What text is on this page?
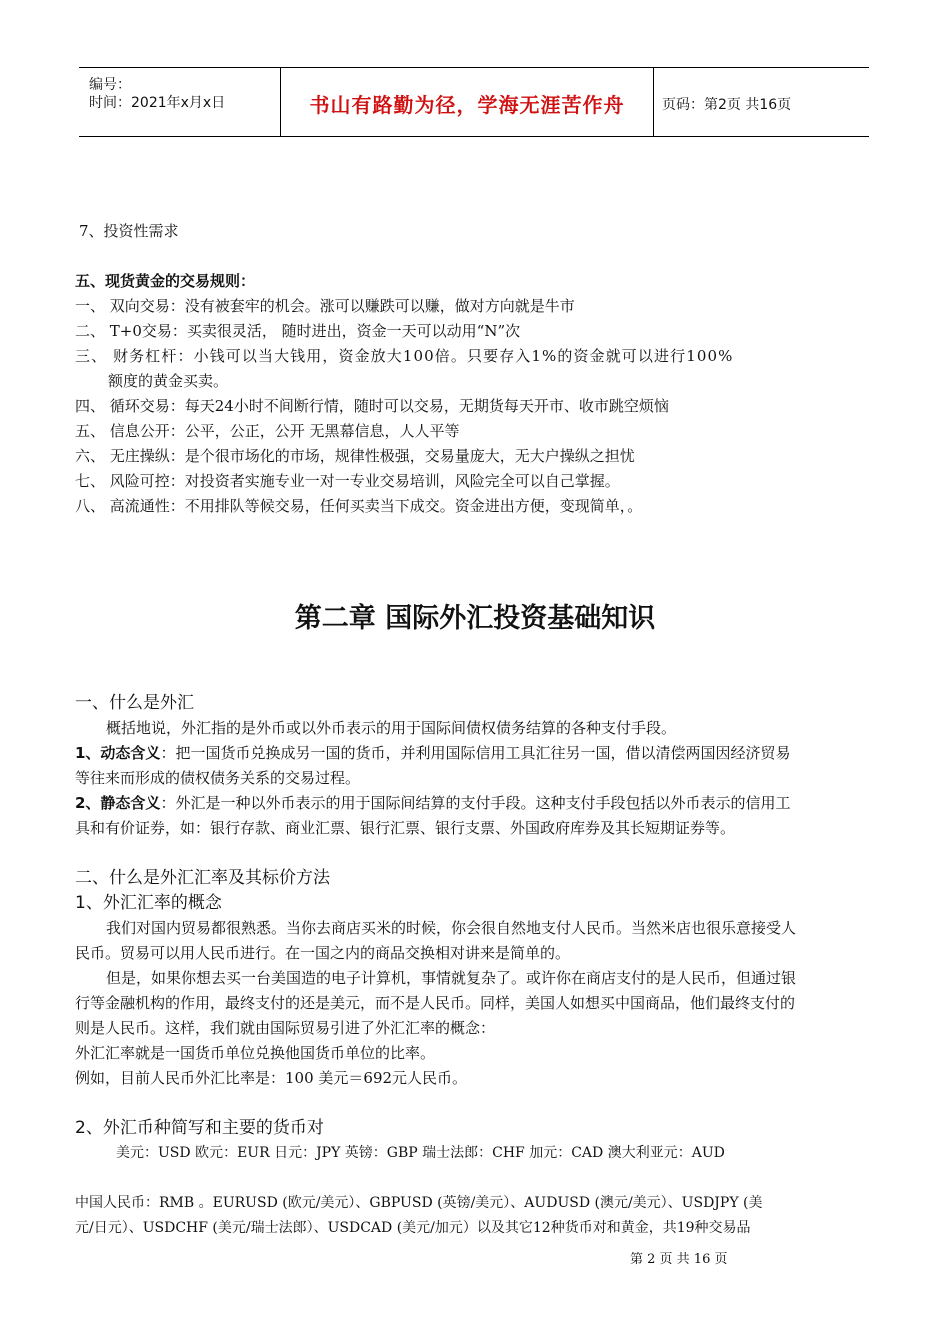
编号：
时间：2021年x月x日	书山有路勤为径，学海无涯苦作舟	页码：第2页 共16页
7、投资性需求
五、现货黄金的交易规则：
一、 双向交易：没有被套牢的机会。涨可以赚跌可以赚，做对方向就是牛市
二、 T+0交易：买卖很灵活， 随时进出，资金一天可以动用“N”次
三、 财务杠杆：小钱可以当大钱用，资金放大100倍。只要存入1%的资金就可以进行100%
额度的黄金买卖。
四、 循环交易：每天24小时不间断行情，随时可以交易，无期货每天开市、收市跳空烦恼
五、 信息公开：公平，公正，公开 无黑幕信息，人人平等
六、 无庄操纵：是个很市场化的市场，规律性极强，交易量庞大，无大户操纵之担忧
七、 风险可控：对投资者实施专业一对一专业交易培训，风险完全可以自己掌握。
八、 高流通性：不用排队等候交易，任何买卖当下成交。资金进出方便，变现简单，。
第二章 国际外汇投资基础知识
一、什么是外汇
概括地说，外汇指的是外币或以外币表示的用于国际间债权债务结算的各种支付手段。
1、动态含义：把一国货币兑换成另一国的货币，并利用国际信用工具汇往另一国，借以清偿两国因经济贸易
等往来而形成的债权债务关系的交易过程。
2、静态含义：外汇是一种以外币表示的用于国际间结算的支付手段。这种支付手段包括以外币表示的信用工
具和有价证券，如：银行存款、商业汇票、银行汇票、银行支票、外国政府库券及其长短期证券等。
二、什么是外汇汇率及其标价方法
1、外汇汇率的概念
我们对国内贸易都很熟悉。当你去商店买米的时候，你会很自然地支付人民币。当然米店也很乐意接受人
民币。贸易可以用人民币进行。在一国之内的商品交换相对讲来是简单的。
但是，如果你想去买一台美国造的电子计算机，事情就复杂了。或许你在商店支付的是人民币，但通过银
行等金融机构的作用，最终支付的还是美元，而不是人民币。同样，美国人如想买中国商品，他们最终支付的
则是人民币。这样，我们就由国际贸易引进了外汇汇率的概念：
外汇汇率就是一国货币单位兑换他国货币单位的比率。
例如，目前人民币外汇比率是：100 美元＝692元人民币。
2、外汇币种简写和主要的货币对
美元：USD 欧元：EUR 日元：JPY 英镑：GBP 瑞士法郎：CHF 加元：CAD 澳大利亚元：AUD
中国人民币：RMB 。EURUSD (欧元/美元）、GBPUSD (英镑/美元）、AUDUSD (澳元/美元）、USDJPY (美
元/日元）、USDCHF (美元/瑞士法郎）、USDCAD (美元/加元）以及其它12种货币对和黄金，共19种交易品
第 2 页 共 16 页
